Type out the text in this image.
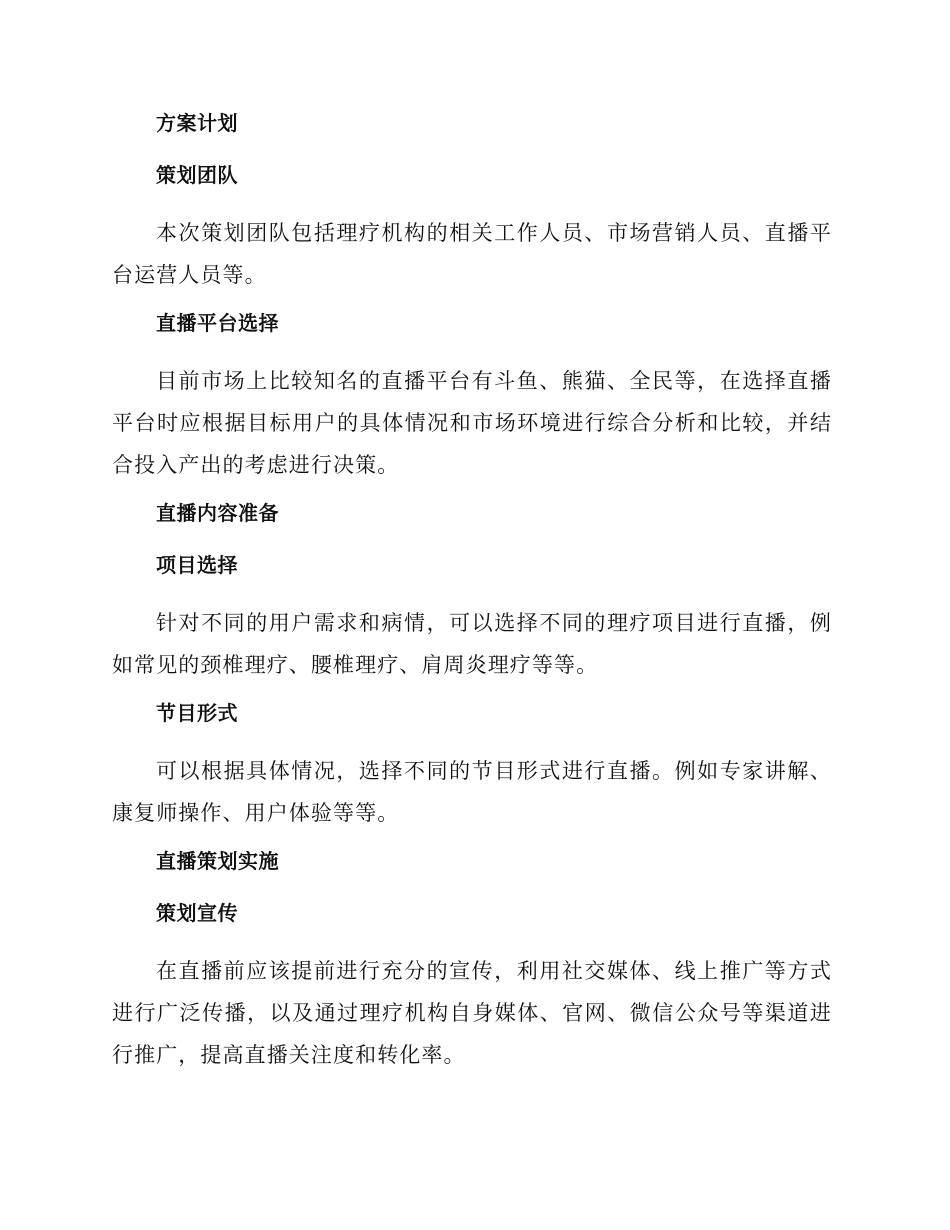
方案计划
策划团队
本次策划团队包括理疗机构的相关工作人员、市场营销人员、直播平台运营人员等。
直播平台选择
目前市场上比较知名的直播平台有斗鱼、熊猫、全民等，在选择直播平台时应根据目标用户的具体情况和市场环境进行综合分析和比较，并结合投入产出的考虑进行决策。
直播内容准备
项目选择
针对不同的用户需求和病情，可以选择不同的理疗项目进行直播，例如常见的颈椎理疗、腰椎理疗、肩周炎理疗等等。
节目形式
可以根据具体情况，选择不同的节目形式进行直播。例如专家讲解、康复师操作、用户体验等等。
直播策划实施
策划宣传
在直播前应该提前进行充分的宣传，利用社交媒体、线上推广等方式进行广泛传播，以及通过理疗机构自身媒体、官网、微信公众号等渠道进行推广，提高直播关注度和转化率。
